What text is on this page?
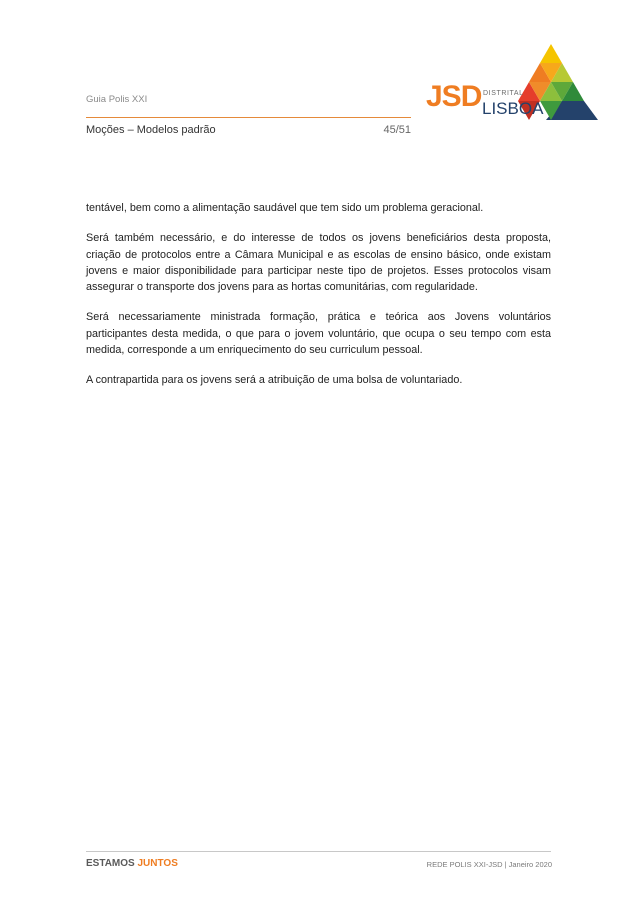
Guia Polis XXI
Moções – Modelos padrão	45/51
JSD DISTRITAL
LISBOA

tentável, bem como a alimentação saudável que tem sido um problema geracional.

Será também necessário, e do interesse de todos os jovens beneficiários desta proposta, criação de protocolos entre a Câmara Municipal e as escolas de ensino básico, onde existam jovens e maior disponibilidade para participar neste tipo de projetos. Esses protocolos visam assegurar o transporte dos jovens para as hortas comunitárias, com regularidade.

Será necessariamente ministrada formação, prática e teórica aos Jovens voluntários participantes desta medida, o que para o jovem voluntário, que ocupa o seu tempo com esta medida, corresponde a um enriquecimento do seu curriculum pessoal.

A contrapartida para os jovens será a atribuição de uma bolsa de voluntariado.

ESTAMOS JUNTOS	REDE POLIS XXI-JSD | Janeiro 2020
